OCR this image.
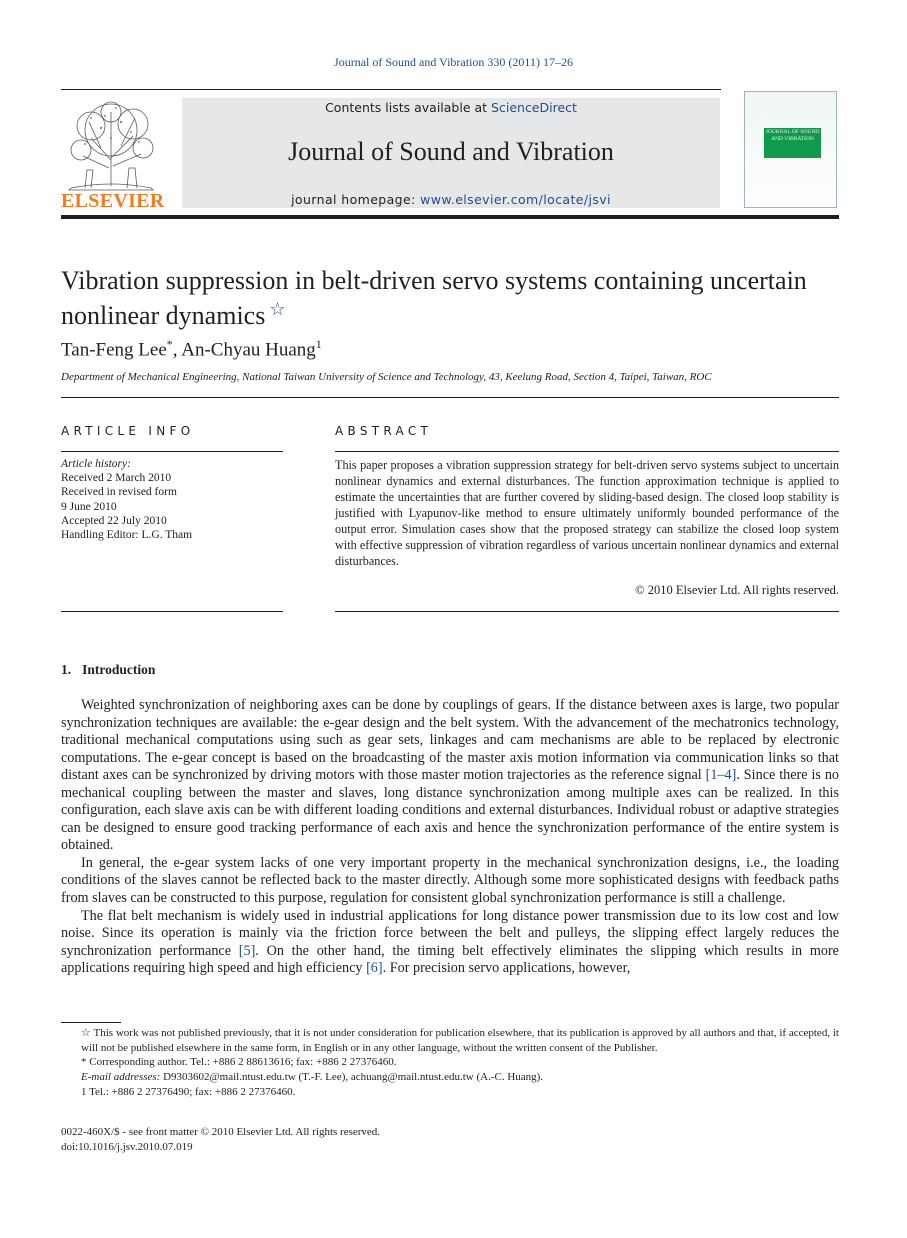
Journal of Sound and Vibration 330 (2011) 17–26
ELSEVIER
Contents lists available at ScienceDirect
Journal of Sound and Vibration
journal homepage: www.elsevier.com/locate/jsvi
JOURNAL OF SOUND AND VIBRATION
Vibration suppression in belt-driven servo systems containing uncertain nonlinear dynamics ☆
Tan-Feng Lee*, An-Chyau Huang$^1$
Department of Mechanical Engineering, National Taiwan University of Science and Technology, 43, Keelung Road, Section 4, Taipei, Taiwan, ROC
ARTICLE INFO	ABSTRACT
Article history:
Received 2 March 2010
Received in revised form
9 June 2010
Accepted 22 July 2010
Handling Editor: L.G. Tham
This paper proposes a vibration suppression strategy for belt-driven servo systems subject to uncertain nonlinear dynamics and external disturbances. The function approximation technique is applied to estimate the uncertainties that are further covered by sliding-based design. The closed loop stability is justified with Lyapunov-like method to ensure ultimately uniformly bounded performance of the output error. Simulation cases show that the proposed strategy can stabilize the closed loop system with effective suppression of vibration regardless of various uncertain nonlinear dynamics and external disturbances.
© 2010 Elsevier Ltd. All rights reserved.
1. Introduction

Weighted synchronization of neighboring axes can be done by couplings of gears. If the distance between axes is large, two popular synchronization techniques are available: the e-gear design and the belt system. With the advancement of the mechatronics technology, traditional mechanical computations using such as gear sets, linkages and cam mechanisms are able to be replaced by electronic computations. The e-gear concept is based on the broadcasting of the master axis motion information via communication links so that distant axes can be synchronized by driving motors with those master motion trajectories as the reference signal [1–4]. Since there is no mechanical coupling between the master and slaves, long distance synchronization among multiple axes can be realized. In this configuration, each slave axis can be with different loading conditions and external disturbances. Individual robust or adaptive strategies can be designed to ensure good tracking performance of each axis and hence the synchronization performance of the entire system is obtained.

In general, the e-gear system lacks of one very important property in the mechanical synchronization designs, i.e., the loading conditions of the slaves cannot be reflected back to the master directly. Although some more sophisticated designs with feedback paths from slaves can be constructed to this purpose, regulation for consistent global synchronization performance is still a challenge.

The flat belt mechanism is widely used in industrial applications for long distance power transmission due to its low cost and low noise. Since its operation is mainly via the friction force between the belt and pulleys, the slipping effect largely reduces the synchronization performance [5]. On the other hand, the timing belt effectively eliminates the slipping which results in more applications requiring high speed and high efficiency [6]. For precision servo applications, however,

☆ This work was not published previously, that it is not under consideration for publication elsewhere, that its publication is approved by all authors and that, if accepted, it will not be published elsewhere in the same form, in English or in any other language, without the written consent of the Publisher.

* Corresponding author. Tel.: +886 2 88613616; fax: +886 2 27376460.

E-mail addresses: D9303602@mail.ntust.edu.tw (T.-F. Lee), achuang@mail.ntust.edu.tw (A.-C. Huang).

1 Tel.: +886 2 27376490; fax: +886 2 27376460.

0022-460X/$ - see front matter © 2010 Elsevier Ltd. All rights reserved.
doi:10.1016/j.jsv.2010.07.019
